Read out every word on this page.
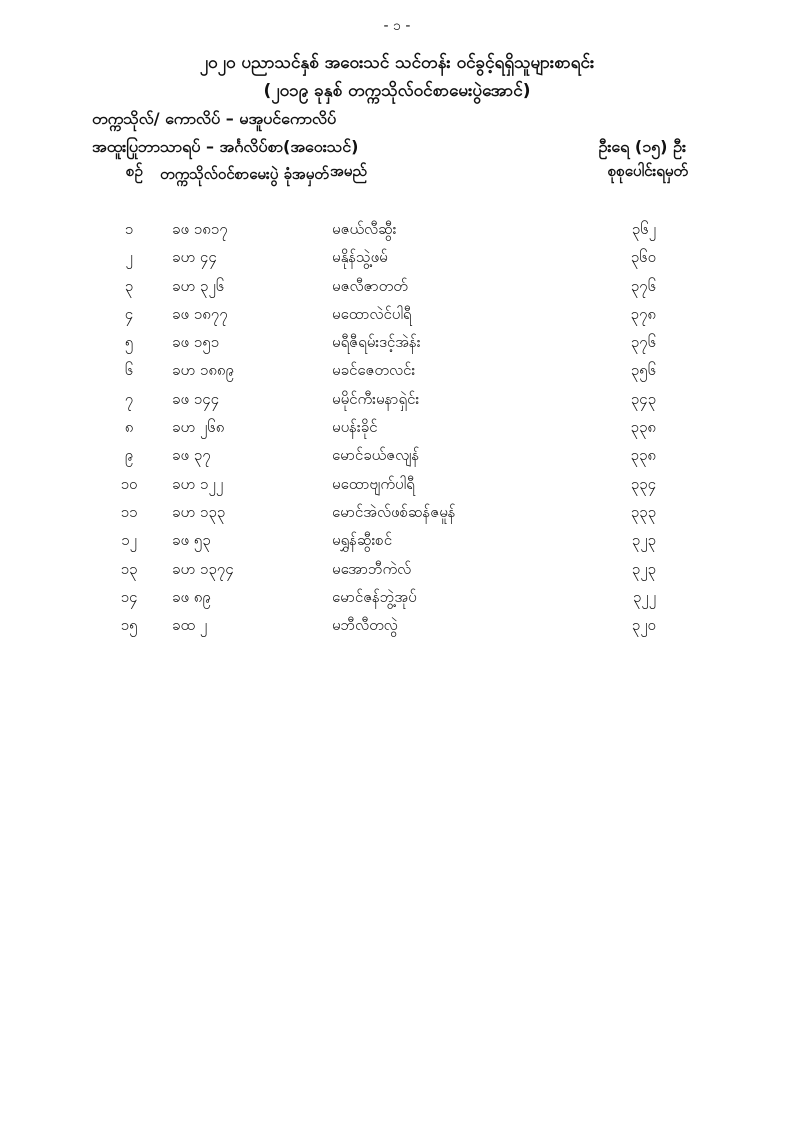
- ၁ -
၂၀၂၀ ပညာသင်နှစ် အဝေးသင် သင်တန်း ဝင်ခွင့်ရရှိသူများစာရင်း
(၂၀၁၉ ခုနှစ် တက္ကသိုလ်ဝင်စာမေးပွဲအောင်)
တက္ကသိုလ်/ ကောလိပ် – မအူပင်ကောလိပ်
အထူးပြုဘာသာရပ် – အင်္ဂလိပ်စာ(အဝေးသင်)	ဦးရေ (၁၅) ဦး
စဉ် တက္ကသိုလ်ဝင်စာမေးပွဲ ခုံအမှတ် အမည်	စုစုပေါင်းရမှတ်
၁	ခဖ ၁၈၁၇	မဇယ်လီဆွီး	၃၆၂
၂	ခဟ ၄၄	မနိုန်သွဲ့ဖမ်	၃၆၀
၃	ခဟ ၃၂၆	မဇလီဇာတတ်	၃၇၆
၄	ခဖ ၁၈၇၇	မထောလဲင်ပါရီ	၃၇၈
၅	ခဖ ၁၅၁	မရီဇီရမ်းဒင့်အဲန်း	၃၇၆
၆	ခဟ ၁၈၈၉	မခင်ဇေတလင်း	၃၅၆
၇	ခဖ ၁၄၄	မမိုင်ကီးမနာရှဲင်း	၃၄၃
၈	ခဟ ၂၆၈	မပန်းခိုင်	၃၃၈
၉	ခဖ ၃၇	မောင်ခယ်ဇလျန်	၃၃၈
၁၀	ခဟ ၁၂၂	မထောဗျက်ပါရီ	၃၃၄
၁၁	ခဟ ၁၃၃	မောင်အဲလ်ဖစ်ဆန်ဇမူန်	၃၃၃
၁၂	ခဖ ၅၃	မရွှန်ဆွီးစင်	၃၂၃
၁၃	ခဟ ၁၃၇၄	မအောဘီကဲလ်	၃၂၃
၁၄	ခဖ ၈၉	မောင်ဇန်ဘွဲ့အုပ်	၃၂၂
၁၅	ခထ ၂	မဘီလီတလွဲ	၃၂၀
